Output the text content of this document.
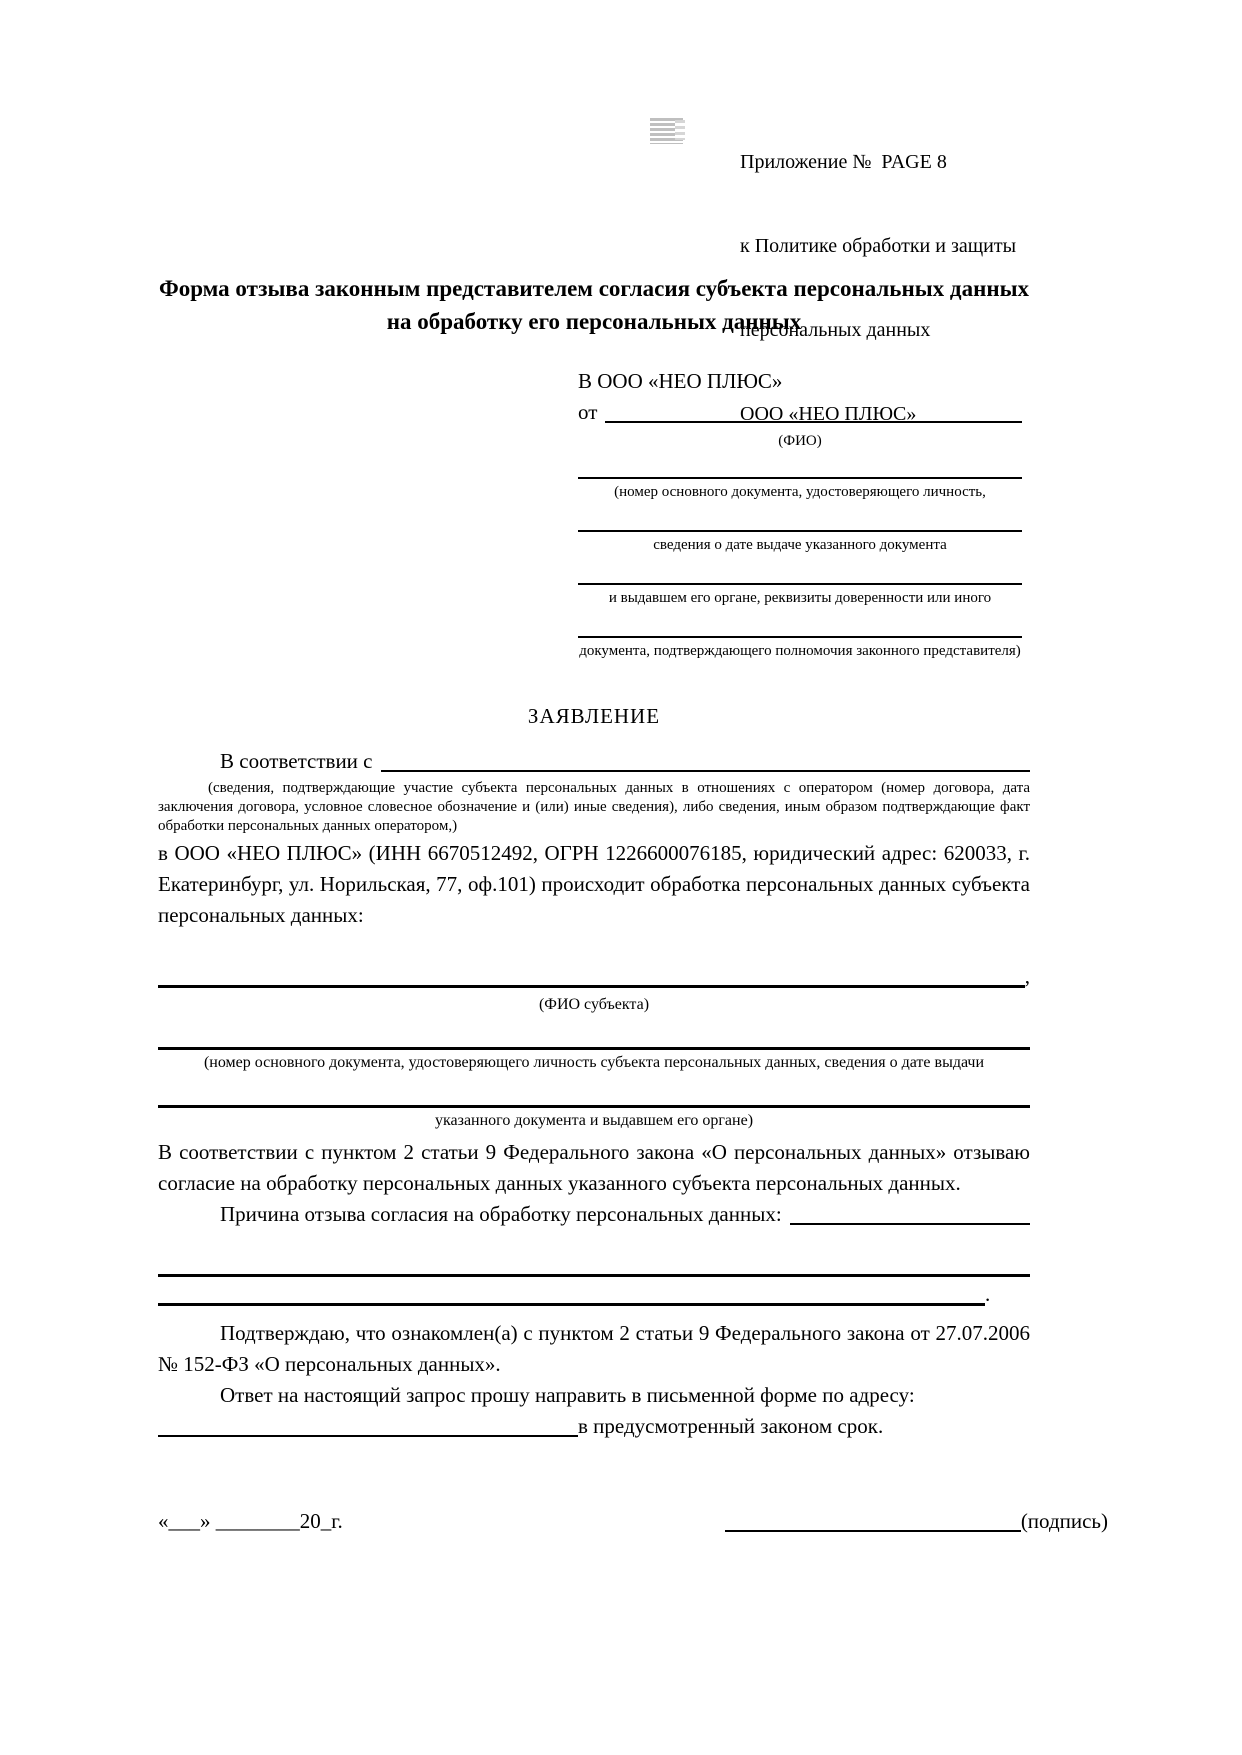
Приложение №  PAGE 8

к Политике обработки и защиты

персональных данных

ООО «НЕО ПЛЮС»

Форма отзыва законным представителем согласия субъекта персональных данных на обработку его персональных данных
В ООО «НЕО ПЛЮС»
от
(ФИО)
(номер основного документа, удостоверяющего личность,
сведения о дате выдаче указанного документа
и выдавшем его органе, реквизиты доверенности или иного
документа, подтверждающего полномочия законного представителя)
ЗАЯВЛЕНИЕ
В соответствии с
(сведения, подтверждающие участие субъекта персональных данных в отношениях с оператором (номер договора, дата заключения договора, условное словесное обозначение и (или) иные сведения), либо сведения, иным образом подтверждающие факт обработки персональных данных оператором,)
в ООО «НЕО ПЛЮС» (ИНН 6670512492, ОГРН 1226600076185, юридический адрес: 620033, г. Екатеринбург, ул. Норильская, 77, оф.101) происходит обработка персональных данных субъекта персональных данных:
,
(ФИО субъекта)
(номер основного документа, удостоверяющего личность субъекта персональных данных, сведения о дате выдачи
указанного документа и выдавшем его органе)
В соответствии с пунктом 2 статьи 9 Федерального закона «О персональных данных» отзываю согласие на обработку персональных данных указанного субъекта персональных данных.
Причина отзыва согласия на обработку персональных данных:
.
Подтверждаю, что ознакомлен(а) с пунктом 2 статьи 9 Федерального закона от 27.07.2006 № 152-ФЗ «О персональных данных».
Ответ на настоящий запрос прошу направить в письменной форме по адресу:
в предусмотренный законом срок.
«___» ________20_г.	(подпись)
